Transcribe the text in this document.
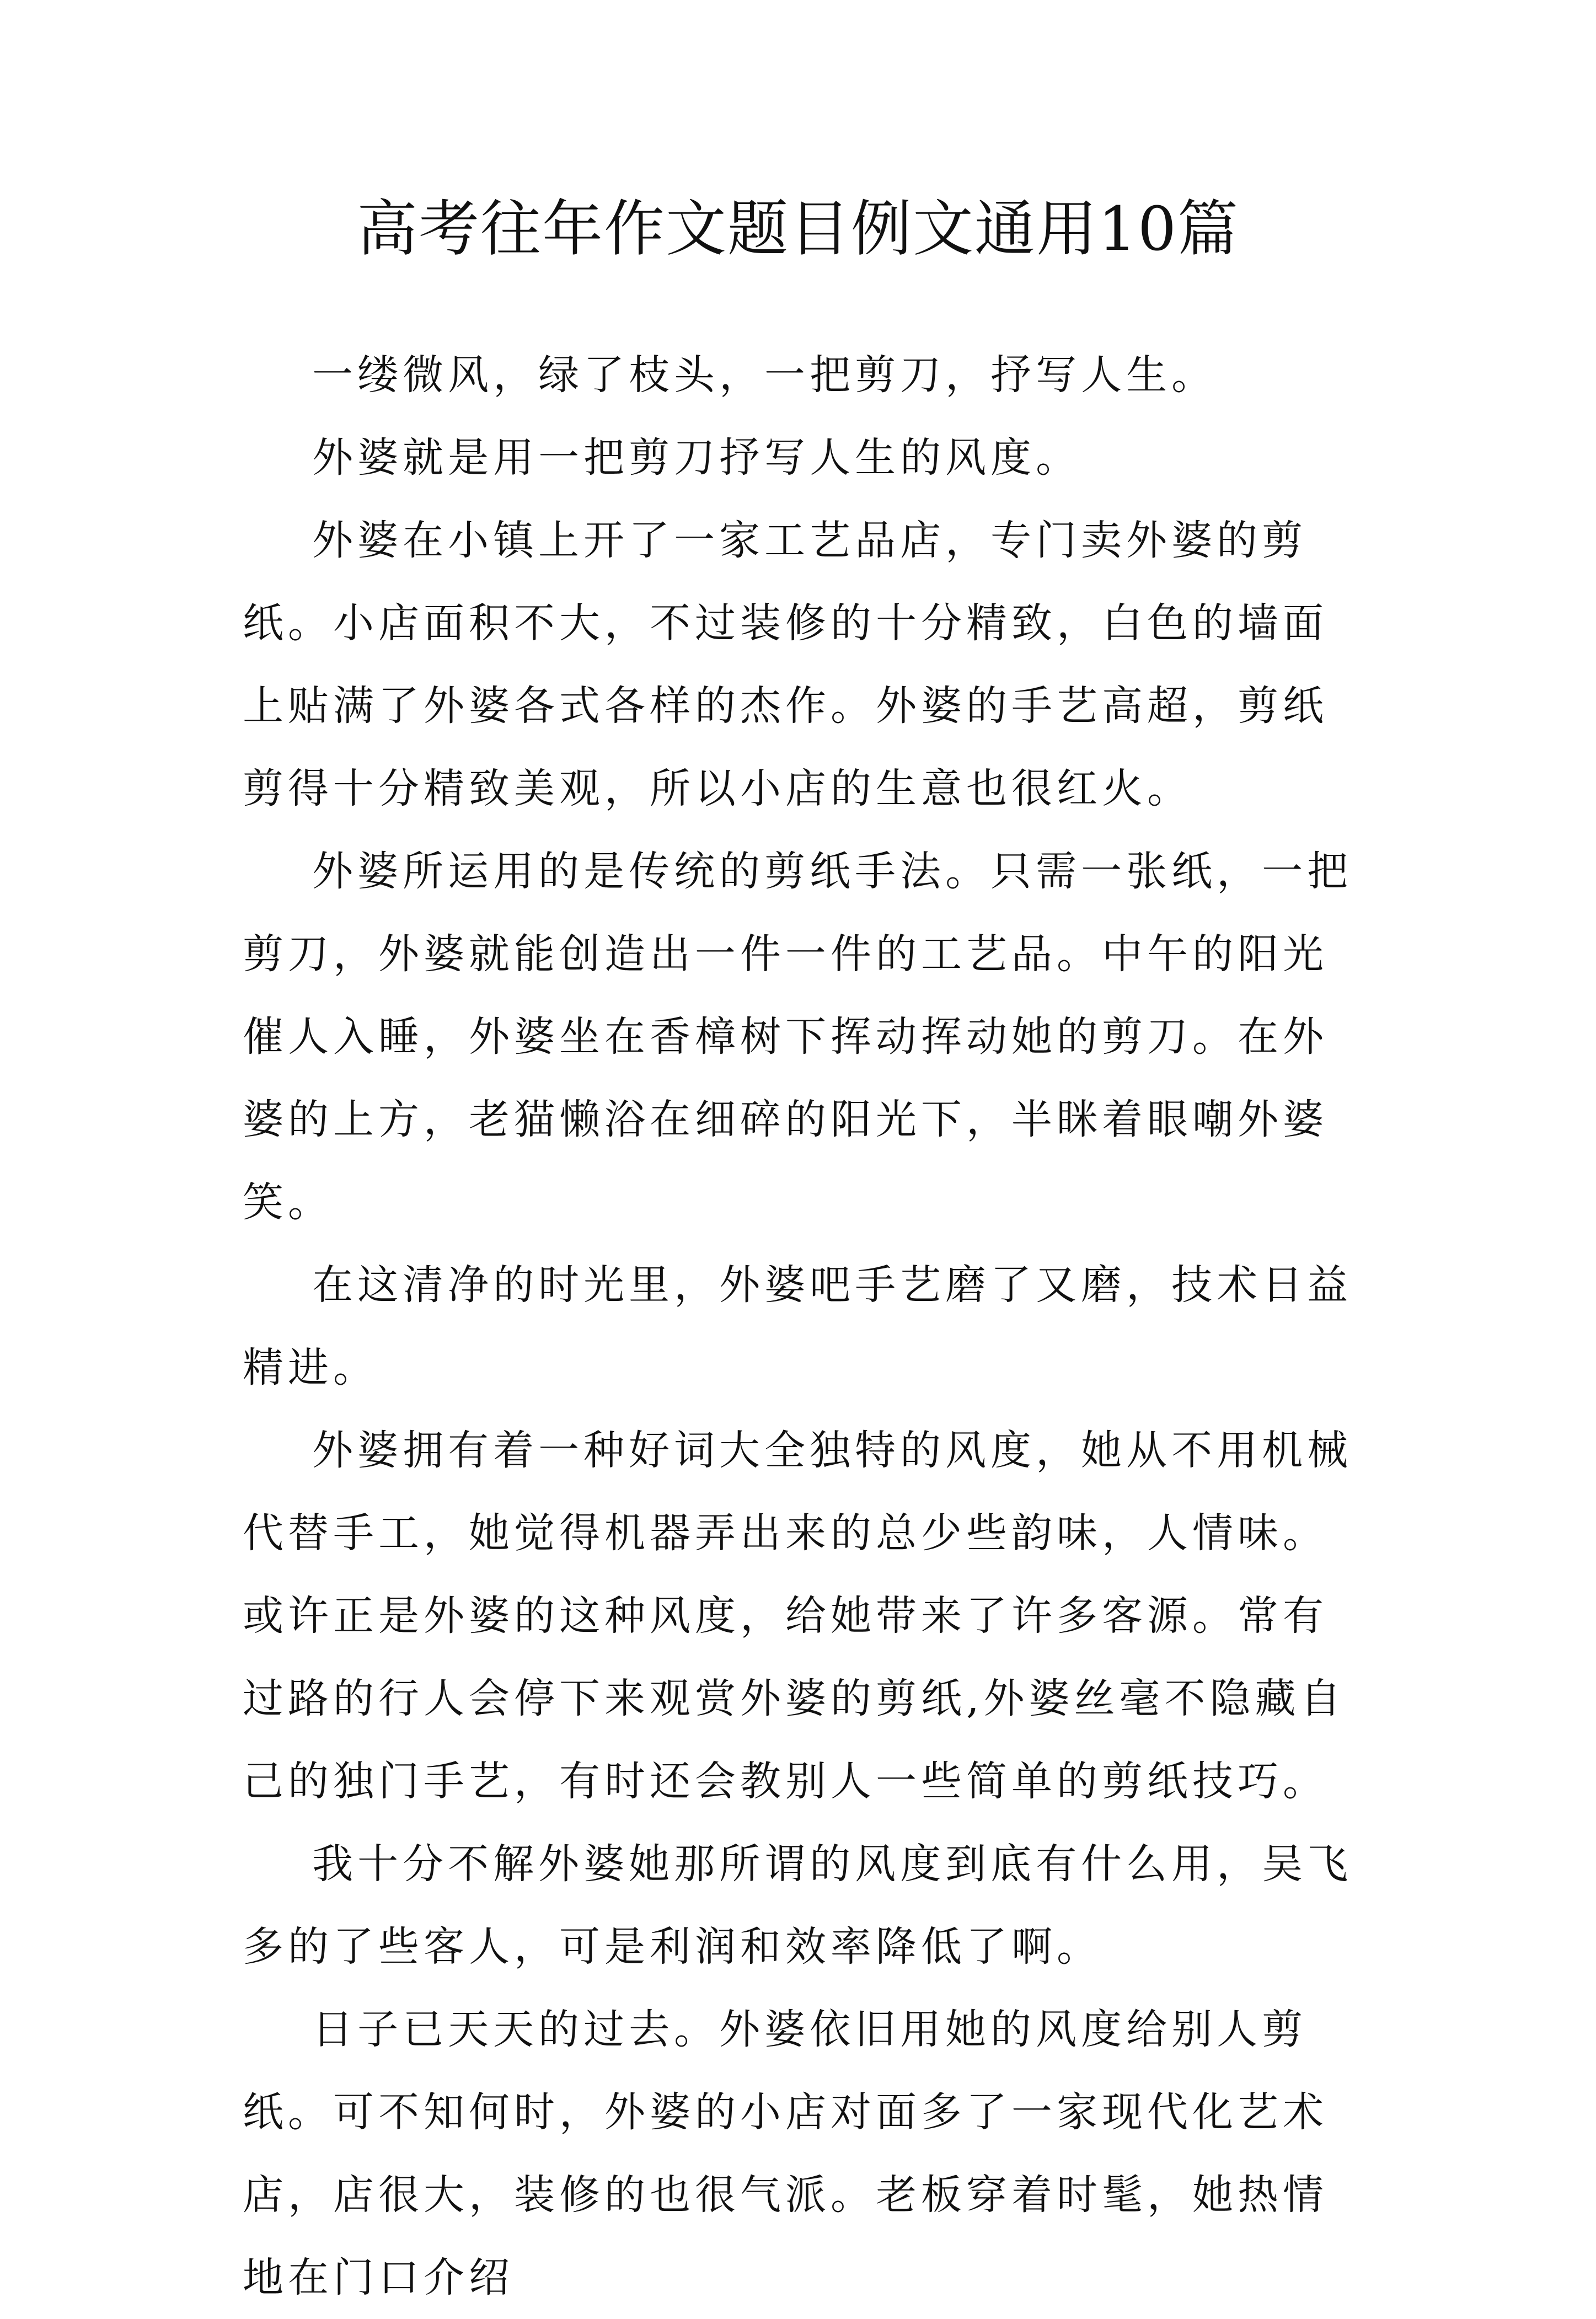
高考往年作文题目例文通用10篇

一缕微风，绿了枝头，一把剪刀，抒写人生。

外婆就是用一把剪刀抒写人生的风度。

外婆在小镇上开了一家工艺品店，专门卖外婆的剪纸。小店面积不大，不过装修的十分精致，白色的墙面上贴满了外婆各式各样的杰作。外婆的手艺高超，剪纸剪得十分精致美观，所以小店的生意也很红火。

外婆所运用的是传统的剪纸手法。只需一张纸，一把剪刀，外婆就能创造出一件一件的工艺品。中午的阳光催人入睡，外婆坐在香樟树下挥动挥动她的剪刀。在外婆的上方，老猫懒浴在细碎的阳光下，半眯着眼嘲外婆笑。

在这清净的时光里，外婆吧手艺磨了又磨，技术日益精进。

外婆拥有着一种好词大全独特的风度，她从不用机械代替手工，她觉得机器弄出来的总少些韵味，人情味。或许正是外婆的这种风度，给她带来了许多客源。常有过路的行人会停下来观赏外婆的剪纸,外婆丝毫不隐藏自己的独门手艺，有时还会教别人一些简单的剪纸技巧。

我十分不解外婆她那所谓的风度到底有什么用，吴飞多的了些客人，可是利润和效率降低了啊。

日子已天天的过去。外婆依旧用她的风度给别人剪纸。可不知何时，外婆的小店对面多了一家现代化艺术店，店很大，装修的也很气派。老板穿着时髦，她热情地在门口介绍
